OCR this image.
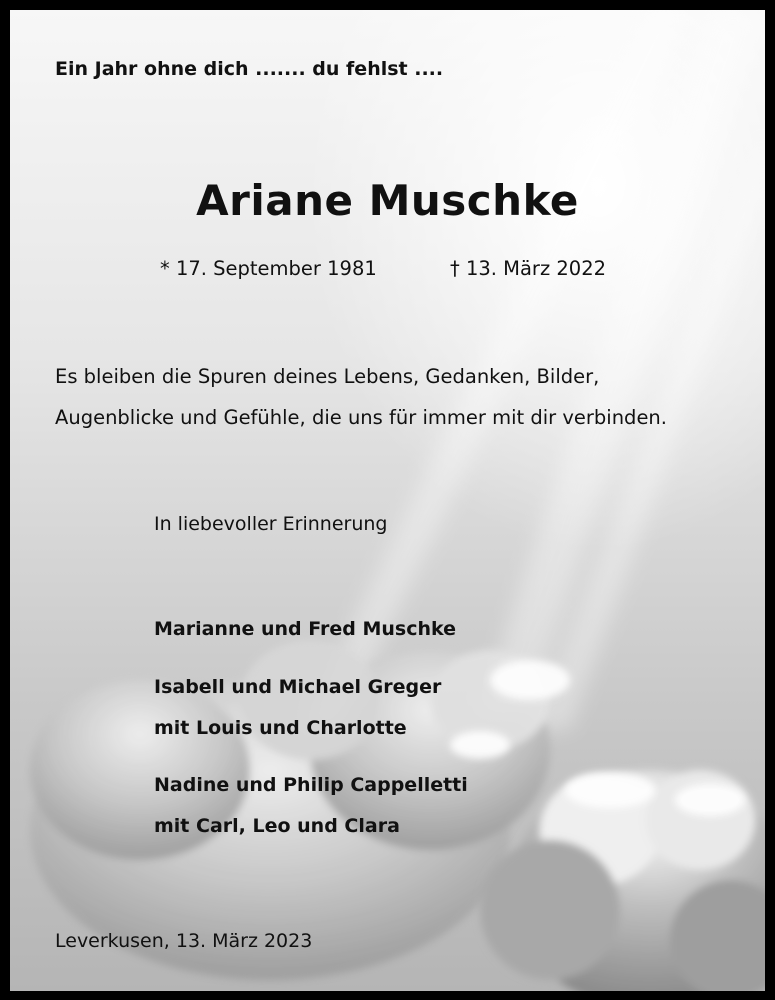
Ein Jahr ohne dich ....... du fehlst ....

Ariane Muschke

* 17. September 1981	† 13. März 2022

Es bleiben die Spuren deines Lebens, Gedanken, Bilder,

Augenblicke und Gefühle, die uns für immer mit dir verbinden.

In liebevoller Erinnerung

Marianne und Fred Muschke

Isabell und Michael Greger

mit Louis und Charlotte

Nadine und Philip Cappelletti

mit Carl, Leo und Clara

Leverkusen, 13. März 2023
